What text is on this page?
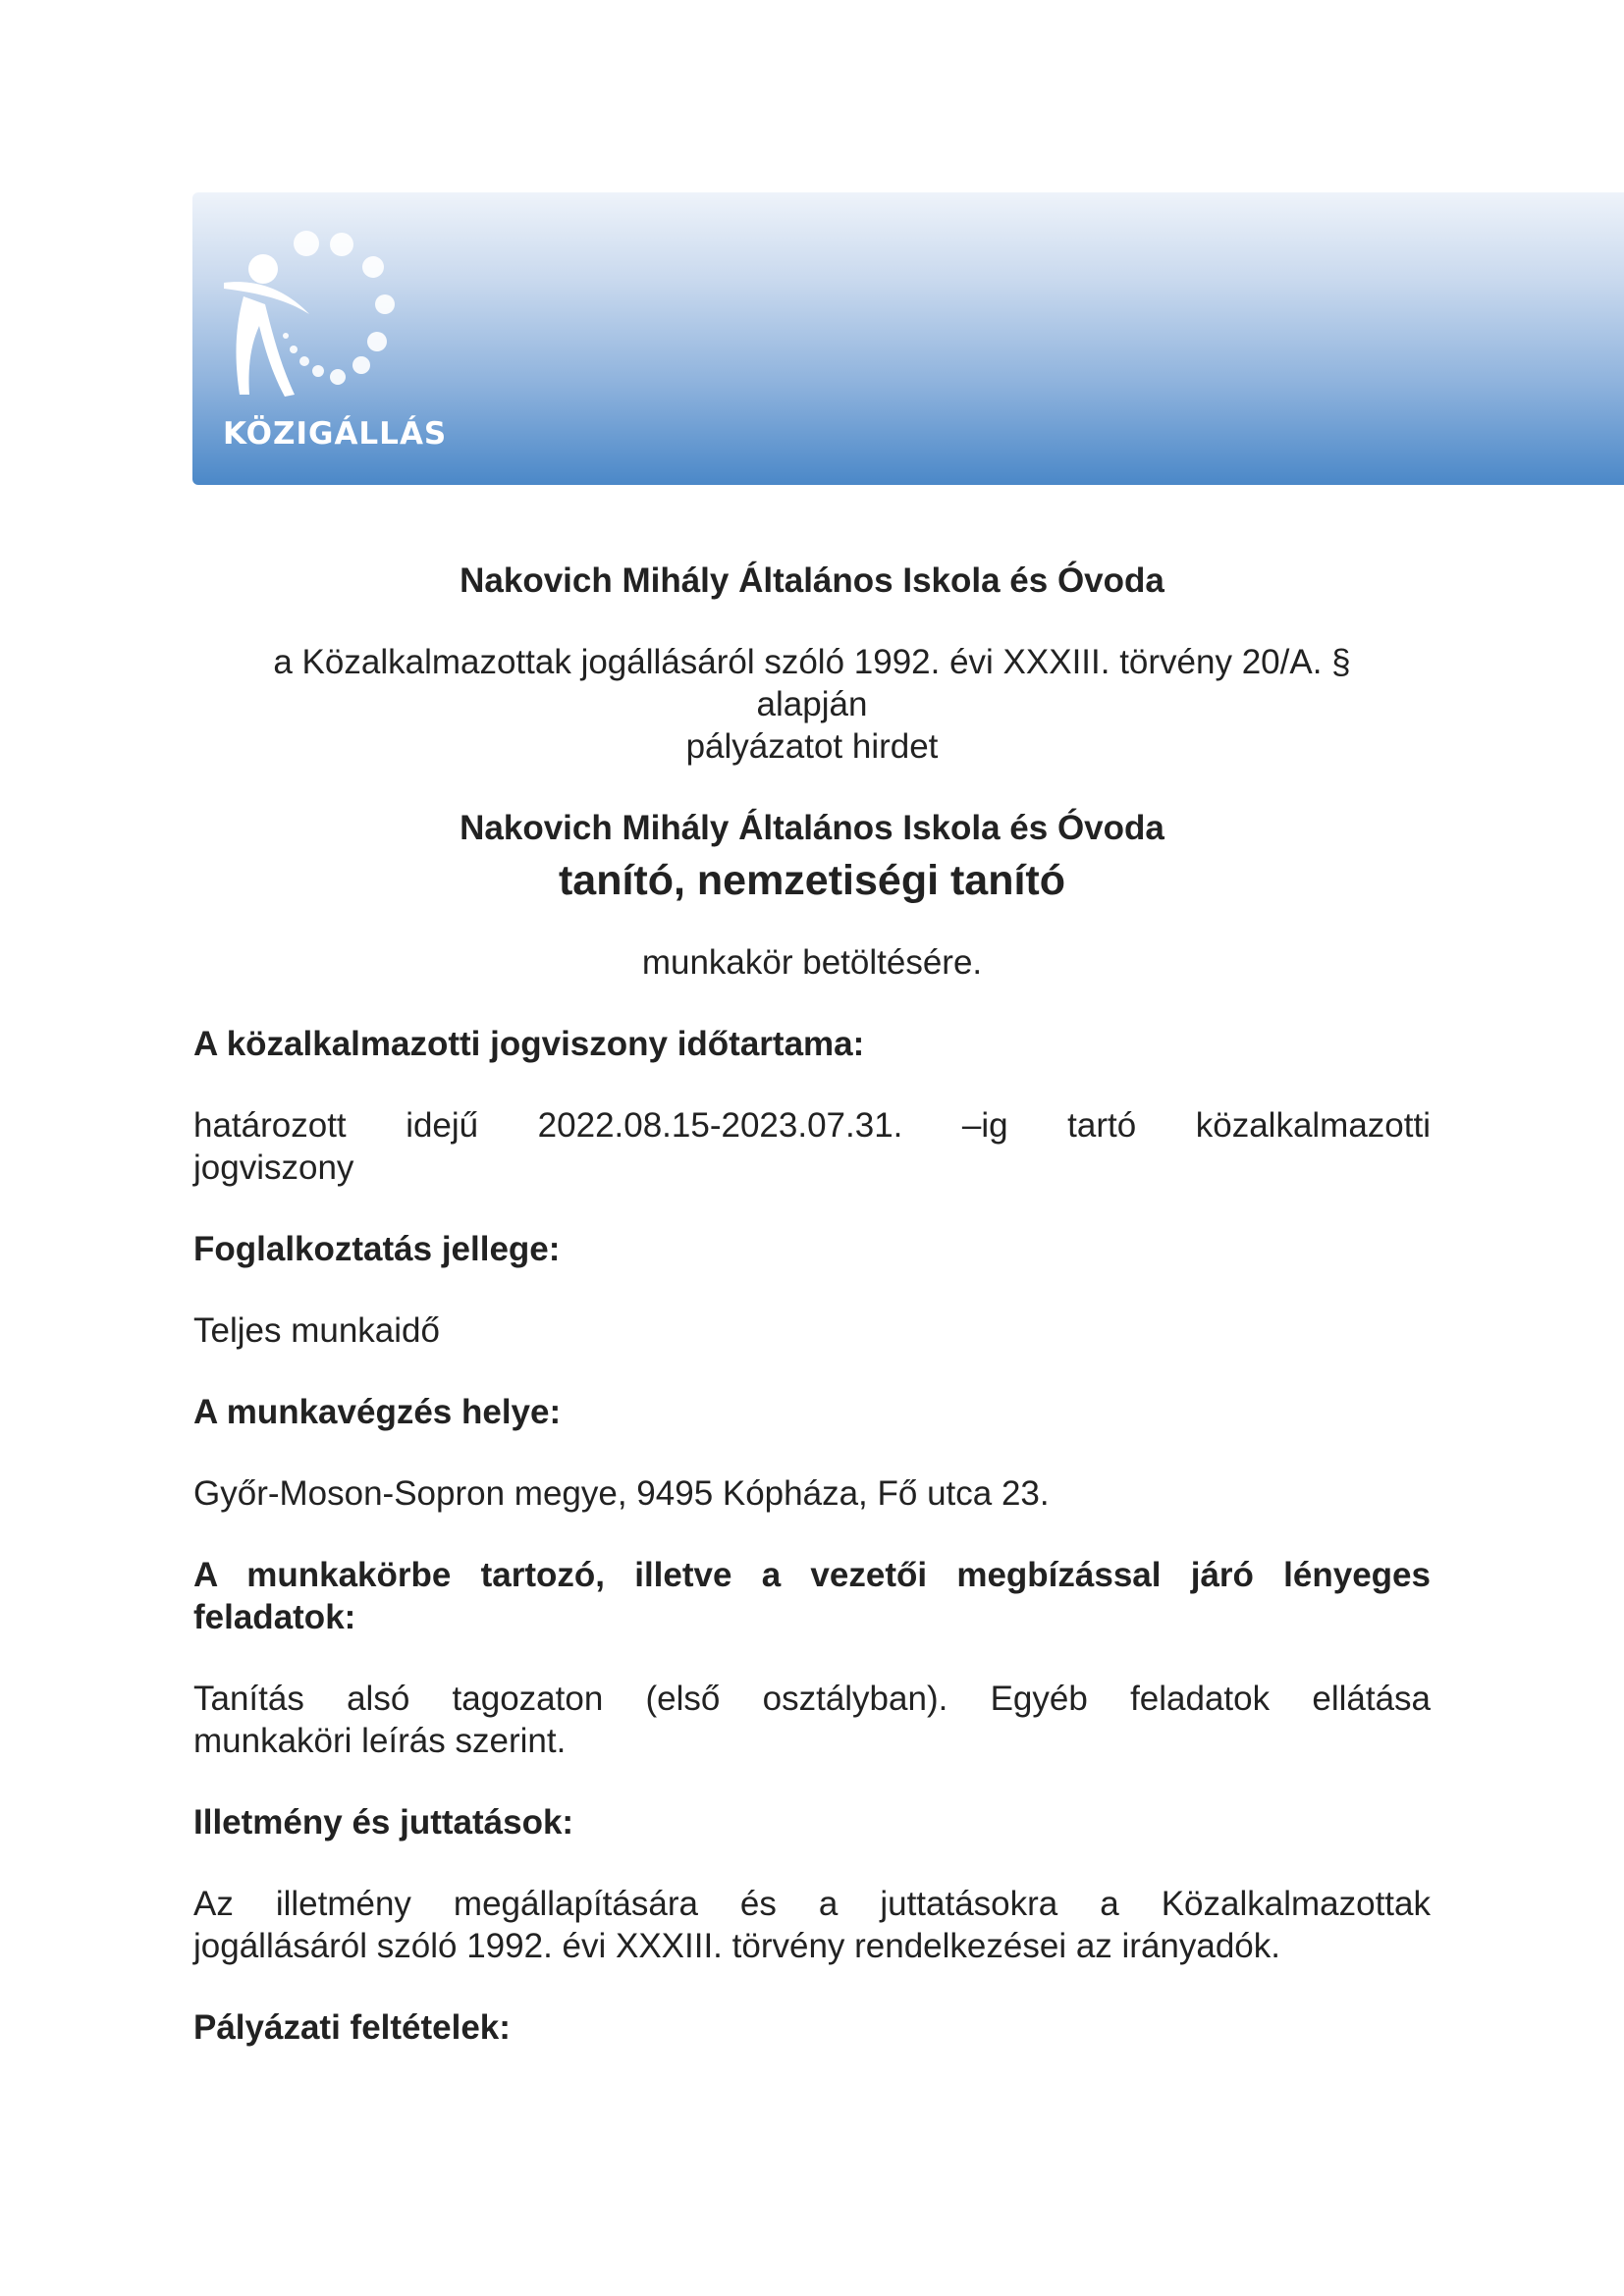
KÖZIGÁLLÁS

Nakovich Mihály Általános Iskola és Óvoda

a Közalkalmazottak jogállásáról szóló 1992. évi XXXIII. törvény 20/A. §

alapján

pályázatot hirdet

Nakovich Mihály Általános Iskola és Óvoda

tanító, nemzetiségi tanító

munkakör betöltésére.

A közalkalmazotti jogviszony időtartama:

határozott idejű 2022.08.15-2023.07.31. –ig tartó közalkalmazotti

jogviszony

Foglalkoztatás jellege:

Teljes munkaidő

A munkavégzés helye:

Győr-Moson-Sopron megye, 9495 Kópháza, Fő utca 23.

A munkakörbe tartozó, illetve a vezetői megbízással járó lényeges

feladatok:

Tanítás alsó tagozaton (első osztályban). Egyéb feladatok ellátása

munkaköri leírás szerint.

Illetmény és juttatások:

Az illetmény megállapítására és a juttatásokra a Közalkalmazottak

jogállásáról szóló 1992. évi XXXIII. törvény rendelkezései az irányadók.

Pályázati feltételek:
